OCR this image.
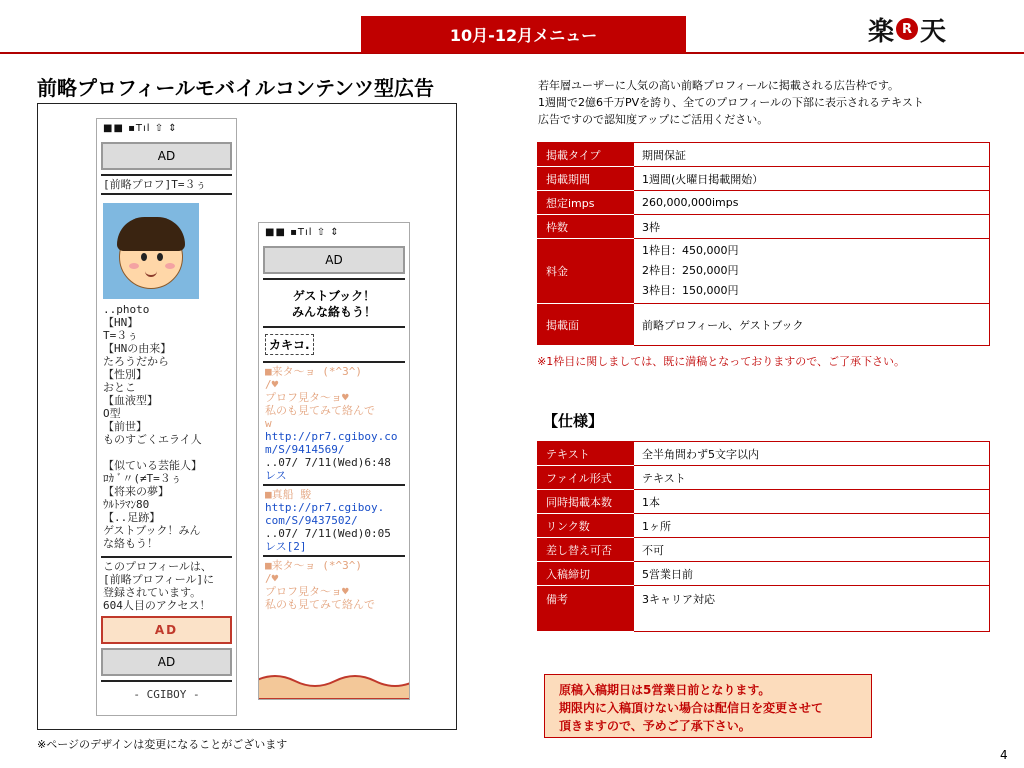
10月-12月メニュー	楽 R 天
前略プロフィールモバイルコンテンツ型広告
■■ ▪Tıl ⇧ ⇕
AD
[前略プロフ]T=３ぅ
..photo
【HN】
T=３ぅ
【HNの由来】
たろうだから
【性別】
おとこ
【血液型】
O型
【前世】
ものすごくエライ人

【似ている芸能人】
ﾛｶ ﾞ〃(≠T=３ぅ
【将来の夢】
ｳﾙﾄﾗﾏﾝ80
【..足跡】
ゲストブック！みん
な絡もう！
このプロフィールは、
[前略プロフィール]に
登録されています。
604人目のアクセス！
AD
AD
- CGIBOY -
■■ ▪Tıl ⇧ ⇕
AD
ゲストブック！
みんな絡もう！
カキコ.
■来タ～ョ (*^3^)
/♥
プロフ見タ～ョ♥
私のも見てみて絡んで
w
http://pr7.cgiboy.co
m/S/9414569/
..07/ 7/11(Wed)6:48
レス
■真船 駿
http://pr7.cgiboy.
com/S/9437502/
..07/ 7/11(Wed)0:05
レス[2]
■来タ～ョ (*^3^)
/♥
プロフ見タ～ョ♥
私のも見てみて絡んで
※ページのデザインは変更になることがございます
若年層ユーザーに人気の高い前略プロフィールに掲載される広告枠です。
1週間で2億6千万PVを誇り、全てのプロフィールの下部に表示されるテキスト
広告ですので認知度アップにご活用ください。
掲載タイプ	期間保証
掲載期間	1週間(火曜日掲載開始）
想定imps	260,000,000imps
枠数	3枠
料金	1枠目：450,000円
2枠目：250,000円
3枠目：150,000円
掲載面	前略プロフィール、ゲストブック
※1枠目に関しましては、既に満稿となっておりますので、ご了承下さい。
【仕様】
テキスト	全半角問わず5文字以内
ファイル形式	テキスト
同時掲載本数	1本
リンク数	1ヶ所
差し替え可否	不可
入稿締切	5営業日前
備考	3キャリア対応
原稿入稿期日は5営業日前となります。
期限内に入稿頂けない場合は配信日を変更させて
頂きますので、予めご了承下さい。
4
